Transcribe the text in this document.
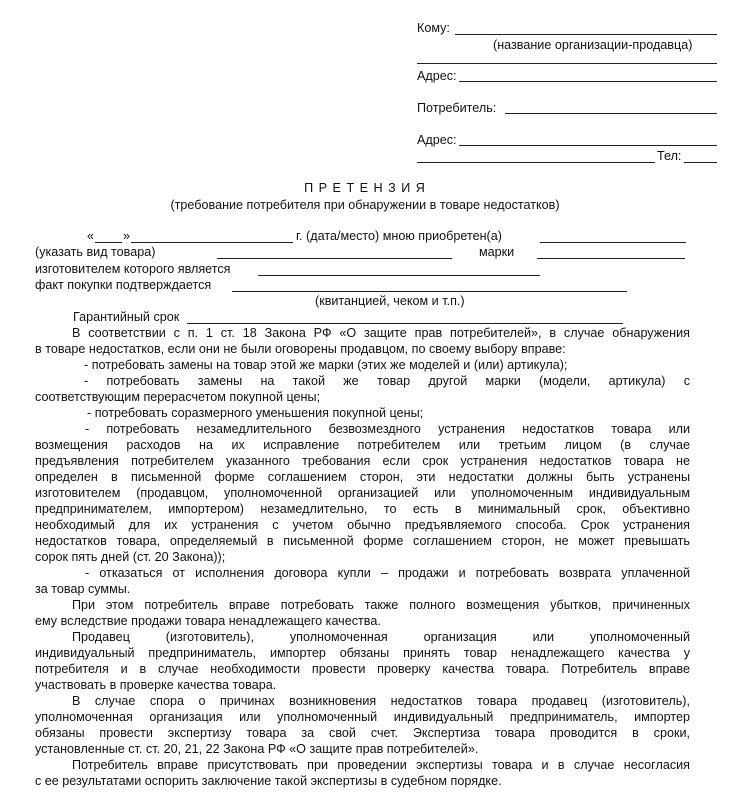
Кому:
(название организации-продавца)
Адрес:
Потребитель:
Адрес:
Тел:
П Р Е Т Е Н З И Я
(требование потребителя при обнаружении в товаре недостатков)
« »	г. (дата/место) мною приобретен(а)
(указать вид товара)	марки
изготовителем которого является
факт покупки подтверждается
(квитанцией, чеком и т.п.)
Гарантийный срок
В соответствии с п. 1 ст. 18 Закона РФ «О защите прав потребителей», в случае обнаружения
в товаре недостатков, если они не были оговорены продавцом, по своему выбору вправе:
- потребовать замены на товар этой же марки (этих же моделей и (или) артикула);
- потребовать замены на такой же товар другой марки (модели, артикула) с
соответствующим перерасчетом покупной цены;
- потребовать соразмерного уменьшения покупной цены;
- потребовать незамедлительного безвозмездного устранения недостатков товара или
возмещения расходов на их исправление потребителем или третьим лицом (в случае
предъявления потребителем указанного требования если срок устранения недостатков товара не
определен в письменной форме соглашением сторон, эти недостатки должны быть устранены
изготовителем (продавцом, уполномоченной организацией или уполномоченным индивидуальным
предпринимателем, импортером) незамедлительно, то есть в минимальный срок, объективно
необходимый для их устранения с учетом обычно предъявляемого способа. Срок устранения
недостатков товара, определяемый в письменной форме соглашением сторон, не может превышать
сорок пять дней (ст. 20 Закона));
- отказаться от исполнения договора купли – продажи и потребовать возврата уплаченной
за товар суммы.
При этом потребитель вправе потребовать также полного возмещения убытков, причиненных
ему вследствие продажи товара ненадлежащего качества.
Продавец (изготовитель), уполномоченная организация или уполномоченный
индивидуальный предприниматель, импортер обязаны принять товар ненадлежащего качества у
потребителя и в случае необходимости провести проверку качества товара. Потребитель вправе
участвовать в проверке качества товара.
В случае спора о причинах возникновения недостатков товара продавец (изготовитель),
уполномоченная организация или уполномоченный индивидуальный предприниматель, импортер
обязаны провести экспертизу товара за свой счет. Экспертиза товара проводится в сроки,
установленные ст. ст. 20, 21, 22 Закона РФ «О защите прав потребителей».
Потребитель вправе присутствовать при проведении экспертизы товара и в случае несогласия
с ее результатами оспорить заключение такой экспертизы в судебном порядке.
